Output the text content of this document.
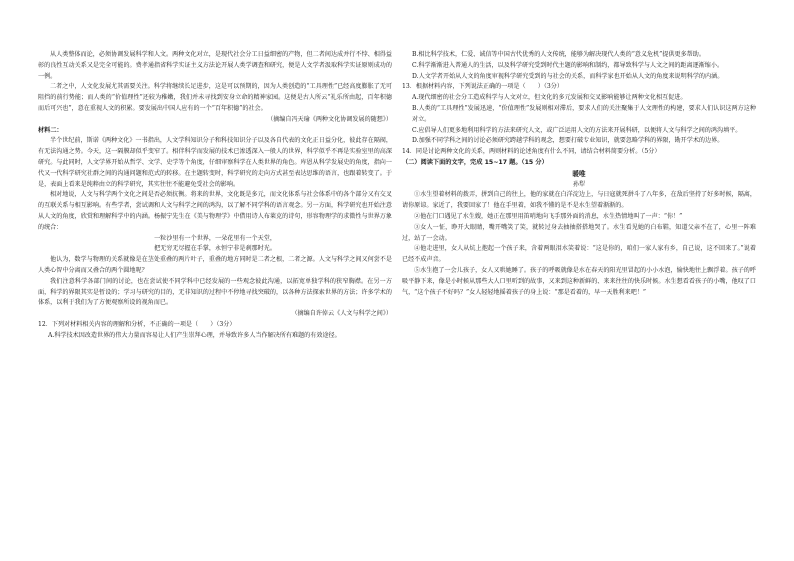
从人类整体而论，必须协调发展科学和人文。两种文化对立，是现代社会分工日益细密的产物，但二者间达成并行不悖、相得益彰的良性互动关系又是完全可能的。费孝通指省科学实证主义方法论开展人类学调查和研究，便是人文学者汲取科学实证原则成功的一例。

二者之中，人文化发展尤其需要关注。科学将继续长足进步，这是可以预期的，因为人类创造的“工具理性”已经高度膨胀了无可阻挡的前行势能；而人类的“价值理性”还较为稚嫩，我们并未寻找到安身立命的精神家园。这便是古人所云“礼乐所由起，百年积德而后可兴也”，意在重视人文的积累。要发展出中国人应有的一个“百年积德”的社会。

（摘编自冯天瑜《两种文化协调发展的随想》）

材料二：

半个世纪前，斯诺《两种文化》一书指出，人文学科知识分子和科技知识分子以及各自代表的文化正日益分化，彼此存在隔阂，有无法沟通之势。今天，这一隔膜却似乎变窄了。相伴科学而发展的技术已渗透深入一般人的世界，科学似乎不再是实验室里的高深研究。与此同时，人文学界开始从哲学、文学、史学等个角度，仔细审察科学在人类世界的角色。库恩从科学发展史的角度，指向一代又一代科学研究社群之间的沟通问题和范式的转移。在主题转变时，科学研究的走向方式甚至表达思维的语言，也跟着转变了。于是，表面上看来是纯粹由立的科学研究，其实往往不能避免受社会的影响。

相对地说，人文与科学两个文化之间是否必须抗衡。将来的世界，文化既是多元，而文化体系与社会体系中的各个部分又有交叉的互联关系与相互影响。有些学者，尝试调和人文与科学之间的鸿沟，以了解不同学科的语言观念。另一方面，科学研究也开始注意从人文的角度，欣赏和理解科学中的内涵。杨振宁先生在《美与物理学》中借用诗人布莱克的诗句，形容物理学的求微性与世界万象的统合：

一粒沙里有一个世界，一朵花里有一个天堂，

把无穷无尽握在手掌，永恒宁非是刹那时光。

他认为，数学与物理的关系就像是在茎处重叠的两片叶子，重叠的地方同时是二者之根，二者之源。人文与科学之间又何尝不是人类心智中分离而又叠合的两个圆地呢？

我们注意科学各部门间的讨论，也在尝试使不同学科中已经发展的一些观念彼此沟通，以拓宽单独学科的狭窄胸襟。在另一方面，科学的界限其实是暂设的；学习与研究的目的，无非知识的过程中不停地寻找突破的，以各种方法探索世界的方法；许多学术的体系，以利于我们为了方便观察所设的视角而已。

（摘编自许倬云《人文与科学之间》）

12．下列对材料相关内容的理解和分析，不正确的一项是（　　）（3分）

A.科学技术因改造世界的伟大力量而容易让人们产生崇拜心理，并导致许多人当作解决所有难题的有效途径。

B.相比科学技术，仁爱、诚信等中国古代优秀的人文传统，能够为解决现代人类的“意义危机”提供更多帮助。

C.科学渐渐进入普通人的生活，以及科学研究受到时代主题的影响和制约，都导致科学与人文之间的距离逐渐缩小。

D.人文学者开始从人文的角度审视科学研究受到的与社会的关系，而科学家也开始从人文的角度来说明科学的内涵。

13．根据材料内容，下列说法正确的一项是（　　）（3分）

A.现代细密的社会分工造成科学与人文对立，但文化的多元发展和交叉影响能够让两种文化相互促进。

B.人类的“工具理性”发展迅速，“价值理性”发展则相对滞后，要求人们的关注聚集于人文理性的构建，要求人们认识这两方这种对立。

C.应倡导人们更多地利用科学的方法来研究人文，或广泛运用人文的方法来开展科研，以便将人文与科学之间的鸿沟填平。

D.加强不同学科之间的讨论必须研究跨越学科的观念，想要打破专业知识，就要忽略学科的界限，勘开学术的边界。

14．同是讨论两种文化的关系，两则材料的论述角度有什么不同，请结合材料简要分析。（5分）

（二）阅读下面的文字，完成 15~17 题。（15 分）

暖唯

孙犁

①水生望着材料的拨弄，拼到自己的往上，他的家就在白洋淀边上，与日寇就死拼斗了八年多，在敌后坚持了好多时候，隔离，请你原谅。家近了，我要回家了！他在手里着，如我不懂的是不是水生望着渐渐的。

②他在门口遇见了水生嫂，她正在那里用笛哨地向飞手那外面的消息，水生热情地叫了一声：“你！”

③女人一怔，睁开大眼睛，嘴开嘴笑了笑，就转过身去抽抽搭搭地哭了。水生看见她的白布鞋，知道父亲不在了，心里一阵难过，站了一会动。

④他走进里，女人从炕上抱起一个孩子来，含着两眼泪水笑着说：“这是你的，咱们一家人家有乡，自己说，这不回来了。”说着已经不成声音。

⑤水生抱了一会儿孩子，女人又哄她睡了。孩子的呼吸就像是水在春天的阳光里冒起的小小水泡，愉快地往上飘浮着。孩子的呼吸平静下来，像是小时候从那些大人口里听到的故事，又来到这种新鲜的、来来往往的快乐时候。水生想看看孩子的小嘴，他叹了口气，“这个孩子不好吗？”女人轻轻地摇着孩子的身上说：“那是看着的，早一天胜利来吧！”
